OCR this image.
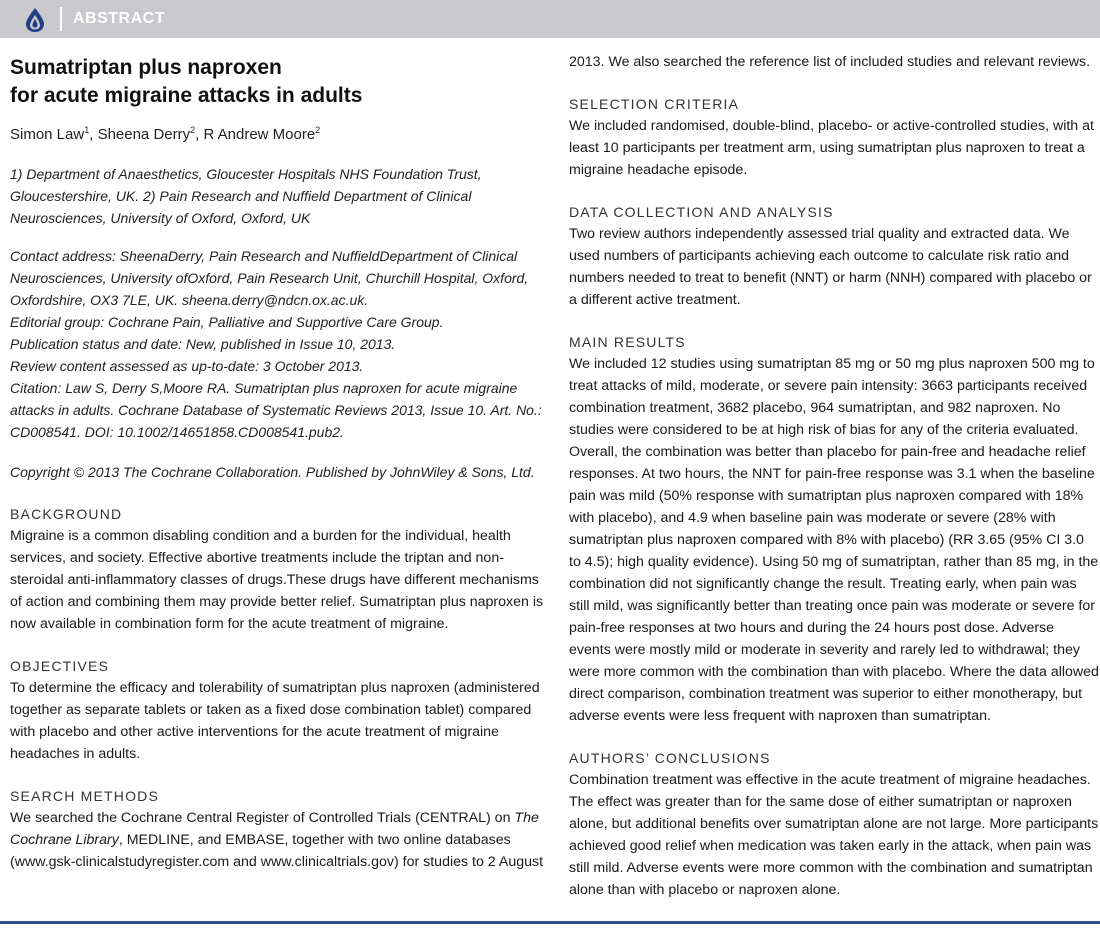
ABSTRACT
Sumatriptan plus naproxen
for acute migraine attacks in adults
Simon Law$^1$, Sheena Derry$^2$, R Andrew Moore$^2$
1) Department of Anaesthetics, Gloucester Hospitals NHS Foundation Trust, Gloucestershire, UK. 2) Pain Research and Nuffield Department of Clinical Neurosciences, University of Oxford, Oxford, UK
Contact address: SheenaDerry, Pain Research and NuffieldDepartment of Clinical Neurosciences, University ofOxford, Pain Research Unit, Churchill Hospital, Oxford, Oxfordshire, OX3 7LE, UK. sheena.derry@ndcn.ox.ac.uk.
Editorial group: Cochrane Pain, Palliative and Supportive Care Group.
Publication status and date: New, published in Issue 10, 2013.
Review content assessed as up-to-date: 3 October 2013.
Citation: Law S, Derry S,Moore RA. Sumatriptan plus naproxen for acute migraine attacks in adults. Cochrane Database of Systematic Reviews 2013, Issue 10. Art. No.: CD008541. DOI: 10.1002/14651858.CD008541.pub2.
Copyright © 2013 The Cochrane Collaboration. Published by JohnWiley & Sons, Ltd.
BACKGROUND
Migraine is a common disabling condition and a burden for the individual, health services, and society. Effective abortive treatments include the triptan and non-steroidal anti-inflammatory classes of drugs.These drugs have different mechanisms of action and combining them may provide better relief. Sumatriptan plus naproxen is now available in combination form for the acute treatment of migraine.
OBJECTIVES
To determine the efficacy and tolerability of sumatriptan plus naproxen (administered together as separate tablets or taken as a fixed dose combination tablet) compared with placebo and other active interventions for the acute treatment of migraine headaches in adults.
SEARCH METHODS
We searched the Cochrane Central Register of Controlled Trials (CENTRAL) on The Cochrane Library, MEDLINE, and EMBASE, together with two online databases (www.gsk-clinicalstudyregister.com and www.clinicaltrials.gov) for studies to 2 August
2013. We also searched the reference list of included studies and relevant reviews.
SELECTION CRITERIA
We included randomised, double-blind, placebo- or active-controlled studies, with at least 10 participants per treatment arm, using sumatriptan plus naproxen to treat a migraine headache episode.
DATA COLLECTION AND ANALYSIS
Two review authors independently assessed trial quality and extracted data. We used numbers of participants achieving each outcome to calculate risk ratio and numbers needed to treat to benefit (NNT) or harm (NNH) compared with placebo or a different active treatment.
MAIN RESULTS
We included 12 studies using sumatriptan 85 mg or 50 mg plus naproxen 500 mg to treat attacks of mild, moderate, or severe pain intensity: 3663 participants received combination treatment, 3682 placebo, 964 sumatriptan, and 982 naproxen. No studies were considered to be at high risk of bias for any of the criteria evaluated. Overall, the combination was better than placebo for pain-free and headache relief responses. At two hours, the NNT for pain-free response was 3.1 when the baseline pain was mild (50% response with sumatriptan plus naproxen compared with 18% with placebo), and 4.9 when baseline pain was moderate or severe (28% with sumatriptan plus naproxen compared with 8% with placebo) (RR 3.65 (95% CI 3.0 to 4.5); high quality evidence). Using 50 mg of sumatriptan, rather than 85 mg, in the combination did not significantly change the result. Treating early, when pain was still mild, was significantly better than treating once pain was moderate or severe for pain-free responses at two hours and during the 24 hours post dose. Adverse events were mostly mild or moderate in severity and rarely led to withdrawal; they were more common with the combination than with placebo. Where the data allowed direct comparison, combination treatment was superior to either monotherapy, but adverse events were less frequent with naproxen than sumatriptan.
AUTHORS’ CONCLUSIONS
Combination treatment was effective in the acute treatment of migraine headaches. The effect was greater than for the same dose of either sumatriptan or naproxen alone, but additional benefits over sumatriptan alone are not large. More participants achieved good relief when medication was taken early in the attack, when pain was still mild. Adverse events were more common with the combination and sumatriptan alone than with placebo or naproxen alone.
